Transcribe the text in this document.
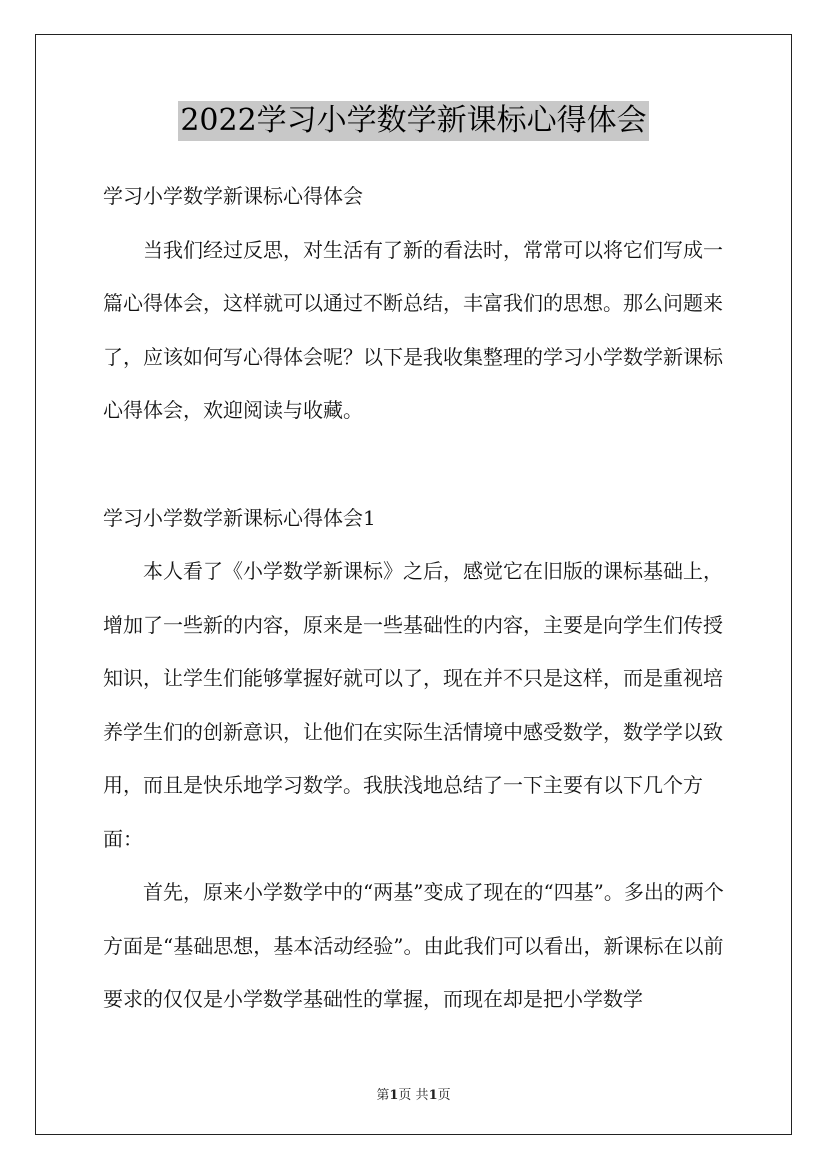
2022学习小学数学新课标心得体会

学习小学数学新课标心得体会

当我们经过反思，对生活有了新的看法时，常常可以将它们写成一篇心得体会，这样就可以通过不断总结，丰富我们的思想。那么问题来了，应该如何写心得体会呢？以下是我收集整理的学习小学数学新课标心得体会，欢迎阅读与收藏。

学习小学数学新课标心得体会1

本人看了《小学数学新课标》之后，感觉它在旧版的课标基础上，增加了一些新的内容，原来是一些基础性的内容，主要是向学生们传授知识，让学生们能够掌握好就可以了，现在并不只是这样，而是重视培养学生们的创新意识，让他们在实际生活情境中感受数学，数学学以致用，而且是快乐地学习数学。我肤浅地总结了一下主要有以下几个方面：

首先，原来小学数学中的“两基”变成了现在的“四基”。多出的两个方面是“基础思想，基本活动经验”。由此我们可以看出，新课标在以前要求的仅仅是小学数学基础性的掌握，而现在却是把小学数学

第1页 共1页
